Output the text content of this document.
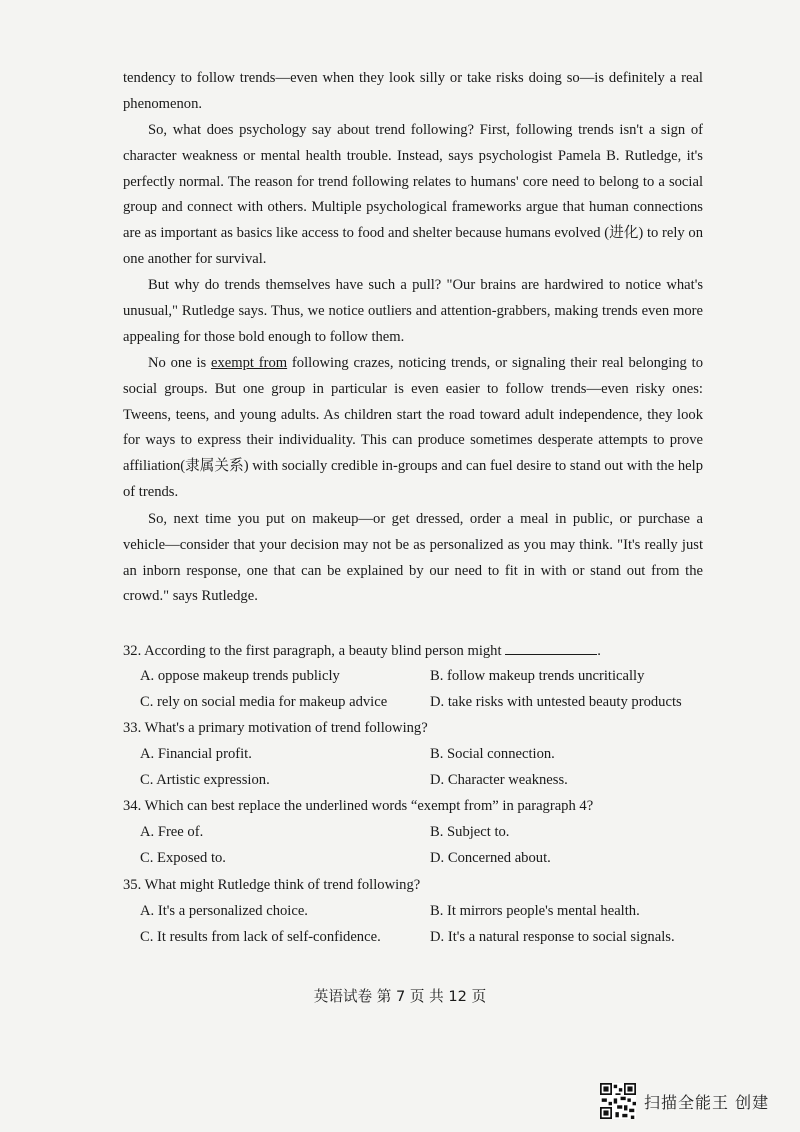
tendency to follow trends—even when they look silly or take risks doing so—is definitely a real phenomenon.

So, what does psychology say about trend following? First, following trends isn't a sign of character weakness or mental health trouble. Instead, says psychologist Pamela B. Rutledge, it's perfectly normal. The reason for trend following relates to humans' core need to belong to a social group and connect with others. Multiple psychological frameworks argue that human connections are as important as basics like access to food and shelter because humans evolved (进化) to rely on one another for survival.

But why do trends themselves have such a pull? "Our brains are hardwired to notice what's unusual," Rutledge says. Thus, we notice outliers and attention-grabbers, making trends even more appealing for those bold enough to follow them.

No one is exempt from following crazes, noticing trends, or signaling their real belonging to social groups. But one group in particular is even easier to follow trends—even risky ones: Tweens, teens, and young adults. As children start the road toward adult independence, they look for ways to express their individuality. This can produce sometimes desperate attempts to prove affiliation(隶属关系) with socially credible in-groups and can fuel desire to stand out with the help of trends.

So, next time you put on makeup—or get dressed, order a meal in public, or purchase a vehicle—consider that your decision may not be as personalized as you may think. "It's really just an inborn response, one that can be explained by our need to fit in with or stand out from the crowd." says Rutledge.

32. According to the first paragraph, a beauty blind person might	.
A. oppose makeup trends publicly	B. follow makeup trends uncritically
C. rely on social media for makeup advice	D. take risks with untested beauty products
33. What's a primary motivation of trend following?
A. Financial profit.	B. Social connection.
C. Artistic expression.	D. Character weakness.
34. Which can best replace the underlined words “exempt from” in paragraph 4?
A. Free of.	B. Subject to.
C. Exposed to.	D. Concerned about.
35. What might Rutledge think of trend following?
A. It's a personalized choice.	B. It mirrors people's mental health.
C. It results from lack of self-confidence.	D. It's a natural response to social signals.
英语试卷 第 7 页 共 12 页
扫描全能王 创建
